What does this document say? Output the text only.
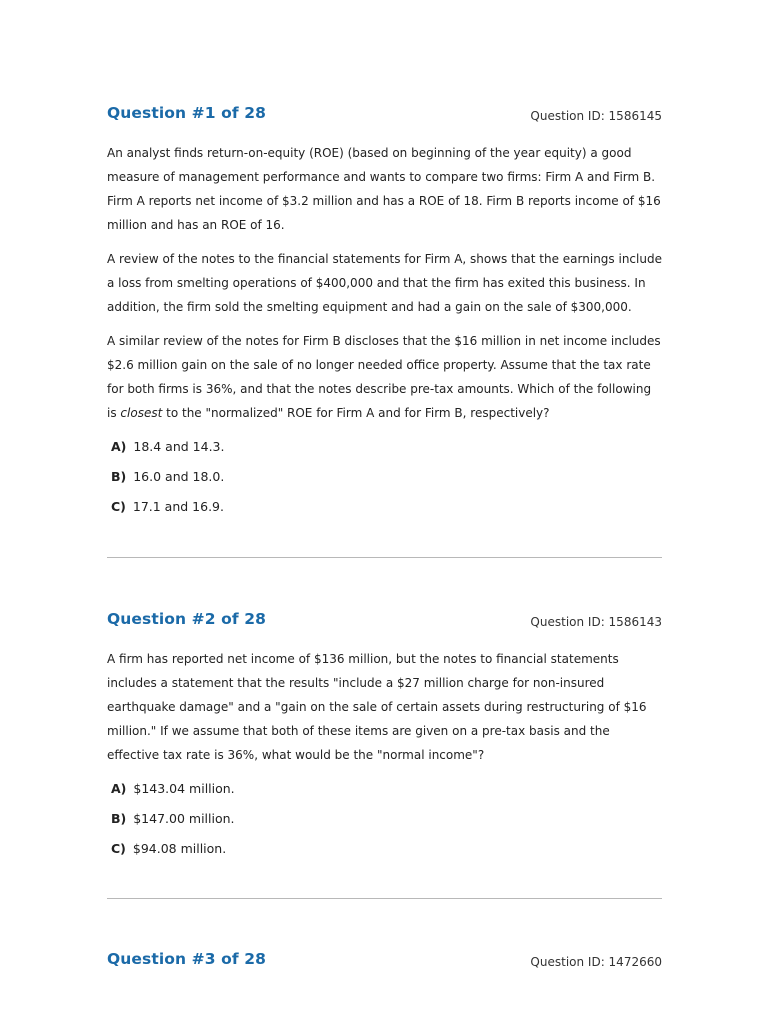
Question #1 of 28	Question ID: 1586145

An analyst finds return-on-equity (ROE) (based on beginning of the year equity) a good measure of management performance and wants to compare two firms: Firm A and Firm B. Firm A reports net income of $3.2 million and has a ROE of 18. Firm B reports income of $16 million and has an ROE of 16.

A review of the notes to the financial statements for Firm A, shows that the earnings include a loss from smelting operations of $400,000 and that the firm has exited this business. In addition, the firm sold the smelting equipment and had a gain on the sale of $300,000.

A similar review of the notes for Firm B discloses that the $16 million in net income includes $2.6 million gain on the sale of no longer needed office property. Assume that the tax rate for both firms is 36%, and that the notes describe pre-tax amounts. Which of the following is closest to the "normalized" ROE for Firm A and for Firm B, respectively?

A) 18.4 and 14.3.
B) 16.0 and 18.0.
C) 17.1 and 16.9.
Question #2 of 28	Question ID: 1586143

A firm has reported net income of $136 million, but the notes to financial statements includes a statement that the results "include a $27 million charge for non-insured earthquake damage" and a "gain on the sale of certain assets during restructuring of $16 million." If we assume that both of these items are given on a pre-tax basis and the effective tax rate is 36%, what would be the "normal income"?

A) $143.04 million.
B) $147.00 million.
C) $94.08 million.
Question #3 of 28	Question ID: 1472660
